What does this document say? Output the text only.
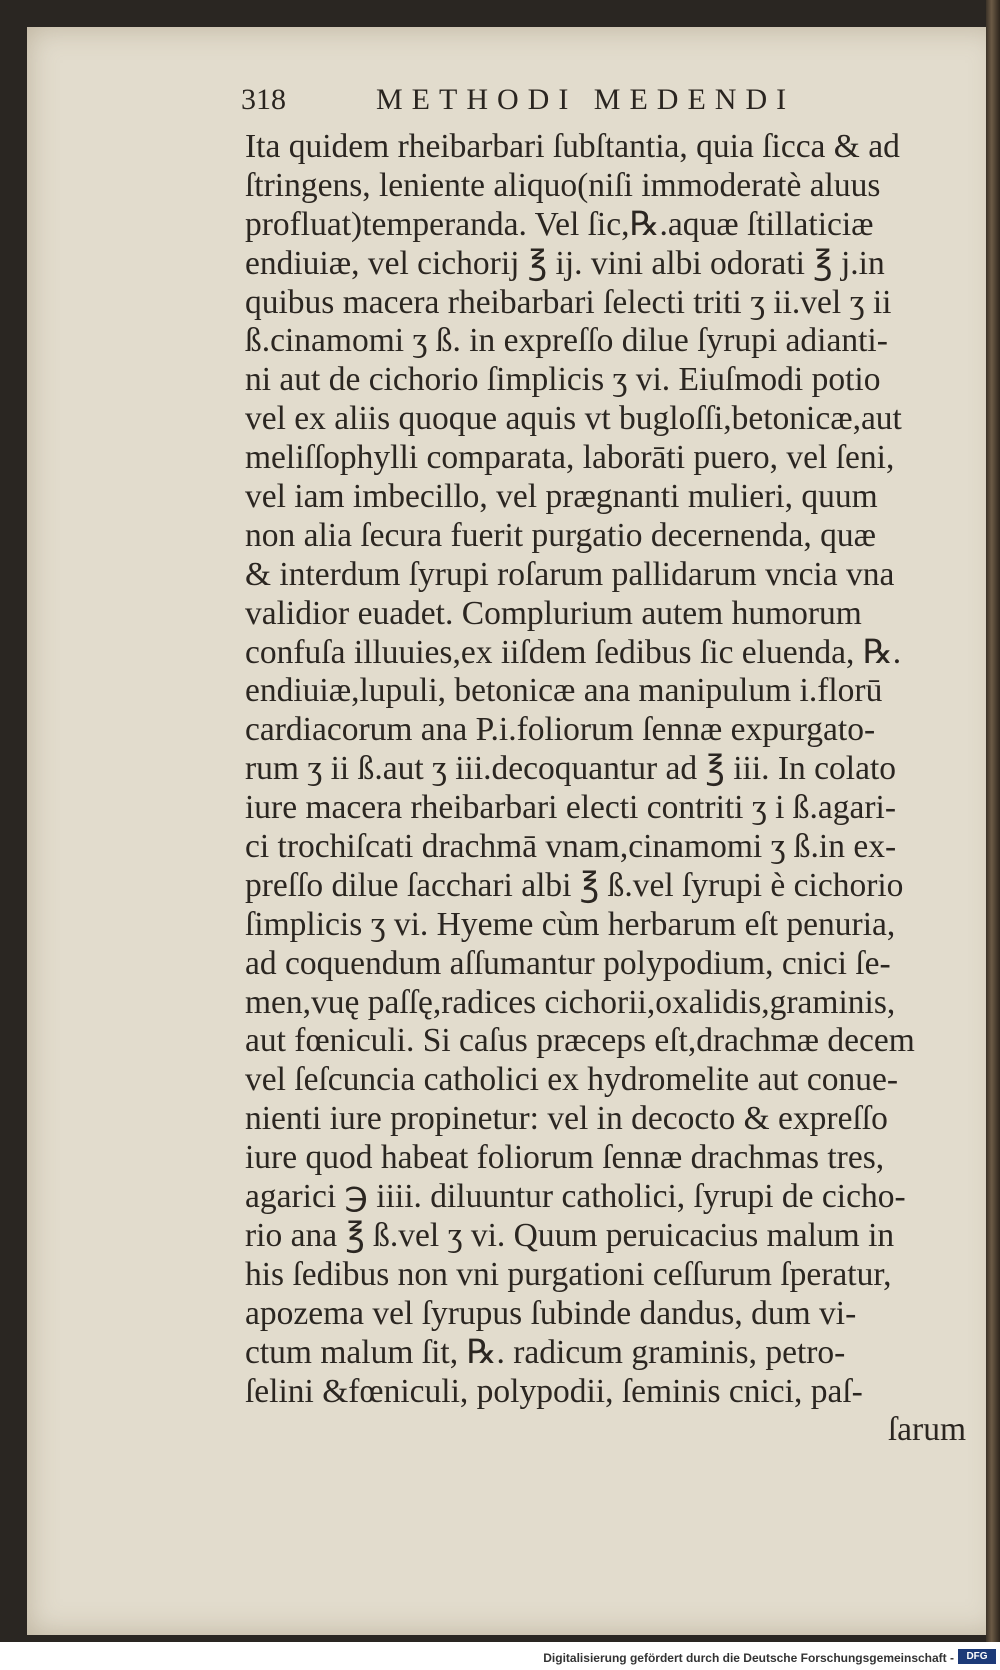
318	METHODI MEDENDI
Ita quidem rheibarbari ſubſtantia, quia ſicca & ad
ſtringens, leniente aliquo(niſi immoderatè aluus
profluat)temperanda. Vel ſic,℞.aquæ ſtillaticiæ
endiuiæ, vel cichorij ℥ ij. vini albi odorati ℥ j.in
quibus macera rheibarbari ſelecti triti ʒ ii.vel ʒ ii
ß.cinamomi ʒ ß. in expreſſo dilue ſyrupi adianti-
ni aut de cichorio ſimplicis ʒ vi. Eiuſmodi potio
vel ex aliis quoque aquis vt bugloſſi,betonicæ,aut
meliſſophylli comparata, laborāti puero, vel ſeni,
vel iam imbecillo, vel prægnanti mulieri, quum
non alia ſecura fuerit purgatio decernenda, quæ
& interdum ſyrupi roſarum pallidarum vncia vna
validior euadet. Complurium autem humorum
confuſa illuuies,ex iiſdem ſedibus ſic eluenda, ℞.
endiuiæ,lupuli, betonicæ ana manipulum i.florū
cardiacorum ana P.i.foliorum ſennæ expurgato-
rum ʒ ii ß.aut ʒ iii.decoquantur ad ℥ iii. In colato
iure macera rheibarbari electi contriti ʒ i ß.agari-
ci trochiſcati drachmā vnam,cinamomi ʒ ß.in ex-
preſſo dilue ſacchari albi ℥ ß.vel ſyrupi è cichorio
ſimplicis ʒ vi. Hyeme cùm herbarum eſt penuria,
ad coquendum aſſumantur polypodium, cnici ſe-
men,vuę paſſę,radices cichorii,oxalidis,graminis,
aut fœniculi. Si caſus præceps eſt,drachmæ decem
vel ſeſcuncia catholici ex hydromelite aut conue-
nienti iure propinetur: vel in decocto & expreſſo
iure quod habeat foliorum ſennæ drachmas tres,
agarici ℈ iiii. diluuntur catholici, ſyrupi de cicho-
rio ana ℥ ß.vel ʒ vi. Quum peruicacius malum in
his ſedibus non vni purgationi ceſſurum ſperatur,
apozema vel ſyrupus ſubinde dandus, dum vi-
ctum malum ſit, ℞. radicum graminis, petro-
ſelini &fœniculi, polypodii, ſeminis cnici, paſ-
ſarum
Digitalisierung gefördert durch die Deutsche Forschungsgemeinschaft -	DFG
